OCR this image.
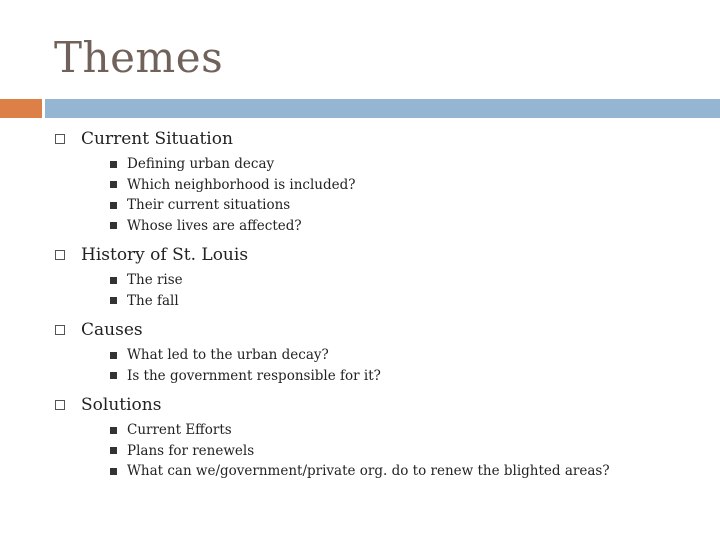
Themes
Current Situation
Defining urban decay
Which neighborhood is included?
Their current situations
Whose lives are affected?
History of St. Louis
The rise
The fall
Causes
What led to the urban decay?
Is the government responsible for it?
Solutions
Current Efforts
Plans for renewels
What can we/government/private org. do to renew the blighted areas?
